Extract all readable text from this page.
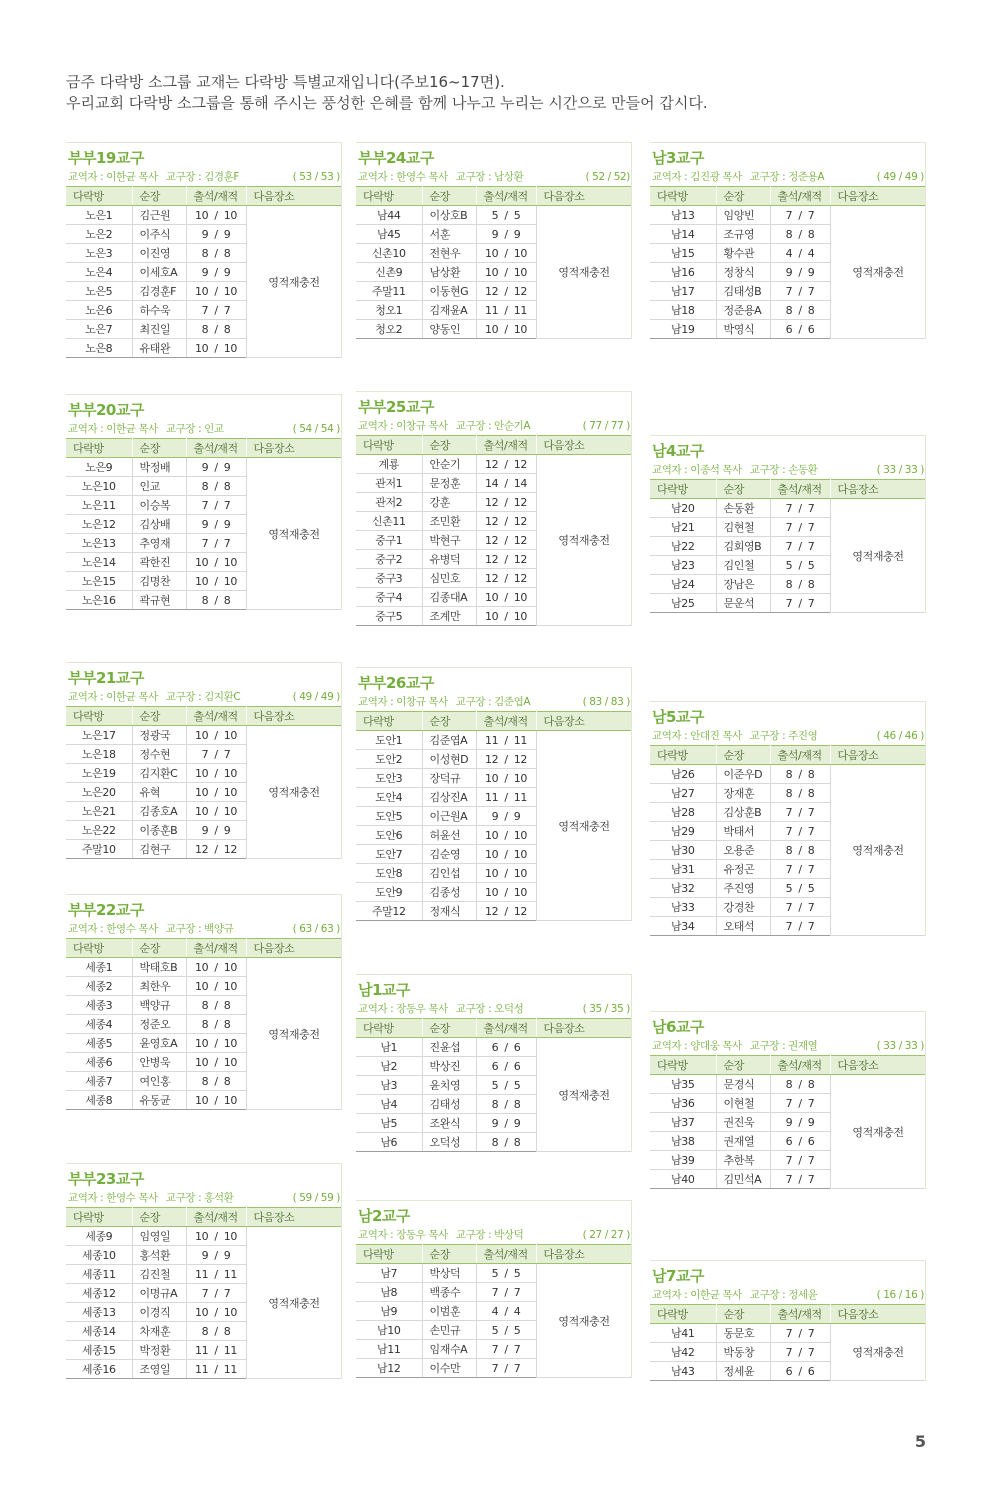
금주 다락방 소그룹 교재는 다락방 특별교재입니다(주보16~17면).

우리교회 다락방 소그룹을 통해 주시는 풍성한 은혜를 함께 나누고 누리는 시간으로 만들어 갑시다.

부부19교구
교역자 : 이한균 목사 교구장 : 김경훈F	( 53 / 53 )
다락방	순장	출석/재적	다음장소
노은1	김근원	10 / 10	영적재충전
노은2	이주식	9 / 9	
노은3	이진영	8 / 8	
노은4	이세호A	9 / 9	
노은5	김경훈F	10 / 10	
노은6	하수욱	7 / 7	
노은7	최진일	8 / 8	
노은8	유태완	10 / 10	
부부24교구
교역자 : 한영수 목사 교구장 : 남상환	( 52 / 52)
다락방	순장	출석/재적	다음장소
남44	이상호B	5 / 5	영적재충전
남45	서훈	9 / 9	
신촌10	전현우	10 / 10	
신촌9	남상환	10 / 10	
주말11	이동현G	12 / 12	
청오1	김재윤A	11 / 11	
청오2	양동인	10 / 10	
남3교구
교역자 : 김진광 목사 교구장 : 정준용A	( 49 / 49 )
다락방	순장	출석/재적	다음장소
남13	임양빈	7 / 7	영적재충전
남14	조규영	8 / 8	
남15	황수관	4 / 4	
남16	정창식	9 / 9	
남17	김태성B	7 / 7	
남18	정준용A	8 / 8	
남19	박영식	6 / 6	
부부20교구
교역자 : 이한균 목사 교구장 : 인교	( 54 / 54 )
다락방	순장	출석/재적	다음장소
노은9	박정배	9 / 9	영적재충전
노은10	인교	8 / 8	
노은11	이승복	7 / 7	
노은12	김상배	9 / 9	
노은13	추영재	7 / 7	
노은14	곽한진	10 / 10	
노은15	김명찬	10 / 10	
노은16	곽규현	8 / 8	
부부25교구
교역자 : 이창규 목사 교구장 : 안순기A	( 77 / 77 )
다락방	순장	출석/재적	다음장소
계룡	안순기	12 / 12	영적재충전
관저1	문정훈	14 / 14	
관저2	강훈	12 / 12	
신촌11	조민환	12 / 12	
중구1	박현구	12 / 12	
중구2	유병덕	12 / 12	
중구3	심민호	12 / 12	
중구4	김종대A	10 / 10	
중구5	조계만	10 / 10	
남4교구
교역자 : 이종석 목사 교구장 : 손동환	( 33 / 33 )
다락방	순장	출석/재적	다음장소
남20	손동환	7 / 7	영적재충전
남21	김현철	7 / 7	
남22	김회영B	7 / 7	
남23	김인철	5 / 5	
남24	장남은	8 / 8	
남25	문운석	7 / 7	
부부21교구
교역자 : 이한균 목사 교구장 : 김지환C	( 49 / 49 )
다락방	순장	출석/재적	다음장소
노은17	정광국	10 / 10	영적재충전
노은18	정수현	7 / 7	
노은19	김지환C	10 / 10	
노은20	유혁	10 / 10	
노은21	김종호A	10 / 10	
노은22	이종훈B	9 / 9	
주말10	김현구	12 / 12	
부부26교구
교역자 : 이창규 목사 교구장 : 김준엽A	( 83 / 83 )
다락방	순장	출석/재적	다음장소
도안1	김준엽A	11 / 11	영적재충전
도안2	이성현D	12 / 12	
도안3	장덕규	10 / 10	
도안4	김상진A	11 / 11	
도안5	이근원A	9 / 9	
도안6	허윤선	10 / 10	
도안7	김순영	10 / 10	
도안8	김인섭	10 / 10	
도안9	김종성	10 / 10	
주말12	정재식	12 / 12	
남5교구
교역자 : 안대진 목사 교구장 : 주진영	( 46 / 46 )
다락방	순장	출석/재적	다음장소
남26	이준우D	8 / 8	영적재충전
남27	장재훈	8 / 8	
남28	김상훈B	7 / 7	
남29	박태서	7 / 7	
남30	오용준	8 / 8	
남31	유정곤	7 / 7	
남32	주진영	5 / 5	
남33	강경찬	7 / 7	
남34	오태석	7 / 7	
부부22교구
교역자 : 한영수 목사 교구장 : 백양규	( 63 / 63 )
다락방	순장	출석/재적	다음장소
세종1	박태호B	10 / 10	영적재충전
세종2	최한우	10 / 10	
세종3	백양규	8 / 8	
세종4	정준오	8 / 8	
세종5	윤영호A	10 / 10	
세종6	안병욱	10 / 10	
세종7	여인홍	8 / 8	
세종8	유동균	10 / 10	
남1교구
교역자 : 장동우 목사 교구장 : 오덕성	( 35 / 35 )
다락방	순장	출석/재적	다음장소
남1	진윤섭	6 / 6	영적재충전
남2	박상진	6 / 6	
남3	윤치영	5 / 5	
남4	김태성	8 / 8	
남5	조완식	9 / 9	
남6	오덕성	8 / 8	
남6교구
교역자 : 양대웅 목사 교구장 : 권재열	( 33 / 33 )
다락방	순장	출석/재적	다음장소
남35	문경식	8 / 8	영적재충전
남36	이현철	7 / 7	
남37	권진욱	9 / 9	
남38	권재열	6 / 6	
남39	추한복	7 / 7	
남40	김민석A	7 / 7	
부부23교구
교역자 : 한영수 목사 교구장 : 홍석환	( 59 / 59 )
다락방	순장	출석/재적	다음장소
세종9	임영일	10 / 10	영적재충전
세종10	홍석환	9 / 9	
세종11	김진철	11 / 11	
세종12	이명규A	7 / 7	
세종13	이경직	10 / 10	
세종14	차재훈	8 / 8	
세종15	박정환	11 / 11	
세종16	조영일	11 / 11	
남2교구
교역자 : 장동우 목사 교구장 : 박상덕	( 27 / 27 )
다락방	순장	출석/재적	다음장소
남7	박상덕	5 / 5	영적재충전
남8	백종수	7 / 7	
남9	이범훈	4 / 4	
남10	손민규	5 / 5	
남11	임재수A	7 / 7	
남12	이수만	7 / 7	
남7교구
교역자 : 이한균 목사 교구장 : 정세윤	( 16 / 16 )
다락방	순장	출석/재적	다음장소
남41	동문호	7 / 7	영적재충전
남42	박동창	7 / 7	
남43	정세윤	6 / 6	
5
